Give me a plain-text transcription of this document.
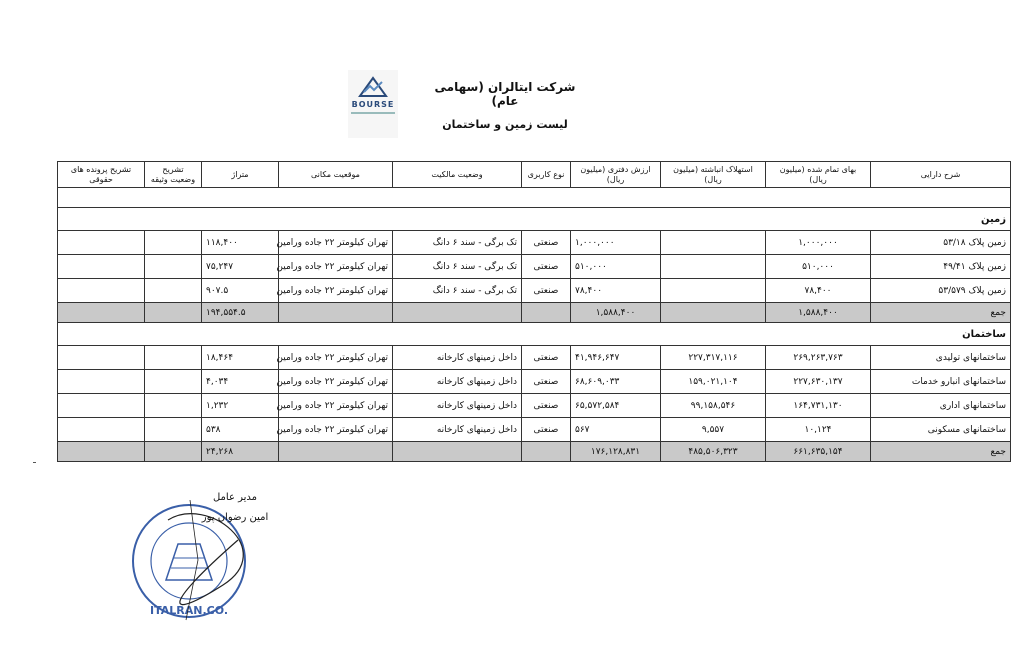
BOURSE
شرکت ایتالران (سهامی عام)
لیست زمین و ساختمان
شرح دارایی	بهای تمام شده (میلیون ریال)	استهلاک انباشته (میلیون ریال)	ارزش دفتری (میلیون ریال)	نوع کاربری	وضعیت مالکیت	موقعیت مکانی	متراژ	تشریح وضعیت وثیقه	تشریح پرونده های حقوقی

زمین									
زمین پلاک ۵۳/۱۸	۱,۰۰۰,۰۰۰		۱,۰۰۰,۰۰۰	صنعتی	تک برگی - سند ۶ دانگ	تهران کیلومتر ۲۲ جاده ورامین	۱۱۸,۴۰۰		
زمین پلاک ۴۹/۴۱	۵۱۰,۰۰۰		۵۱۰,۰۰۰	صنعتی	تک برگی - سند ۶ دانگ	تهران کیلومتر ۲۲ جاده ورامین	۷۵,۲۴۷		
زمین پلاک ۵۳/۵۷۹	۷۸,۴۰۰		۷۸,۴۰۰	صنعتی	تک برگی - سند ۶ دانگ	تهران کیلومتر ۲۲ جاده ورامین	۹۰۷.۵		
جمع	۱,۵۸۸,۴۰۰		۱,۵۸۸,۴۰۰				۱۹۴,۵۵۴.۵		
ساختمان									
ساختمانهای تولیدی	۲۶۹,۲۶۳,۷۶۳	۲۲۷,۳۱۷,۱۱۶	۴۱,۹۴۶,۶۴۷	صنعتی	داخل زمینهای کارخانه	تهران کیلومتر ۲۲ جاده ورامین	۱۸,۴۶۴		
ساختمانهای انبارو خدمات	۲۲۷,۶۳۰,۱۳۷	۱۵۹,۰۲۱,۱۰۴	۶۸,۶۰۹,۰۳۳	صنعتی	داخل زمینهای کارخانه	تهران کیلومتر ۲۲ جاده ورامین	۴,۰۳۴		
ساختمانهای اداری	۱۶۴,۷۳۱,۱۳۰	۹۹,۱۵۸,۵۴۶	۶۵,۵۷۲,۵۸۴	صنعتی	داخل زمینهای کارخانه	تهران کیلومتر ۲۲ جاده ورامین	۱,۲۳۲		
ساختمانهای مسکونی	۱۰,۱۲۴	۹,۵۵۷	۵۶۷	صنعتی	داخل زمینهای کارخانه	تهران کیلومتر ۲۲ جاده ورامین	۵۳۸		
جمع	۶۶۱,۶۳۵,۱۵۴	۴۸۵,۵۰۶,۳۲۳	۱۷۶,۱۲۸,۸۳۱				۲۴,۲۶۸		
ITALRAN.CO.
مدیر عامل
امین رضوان پور
